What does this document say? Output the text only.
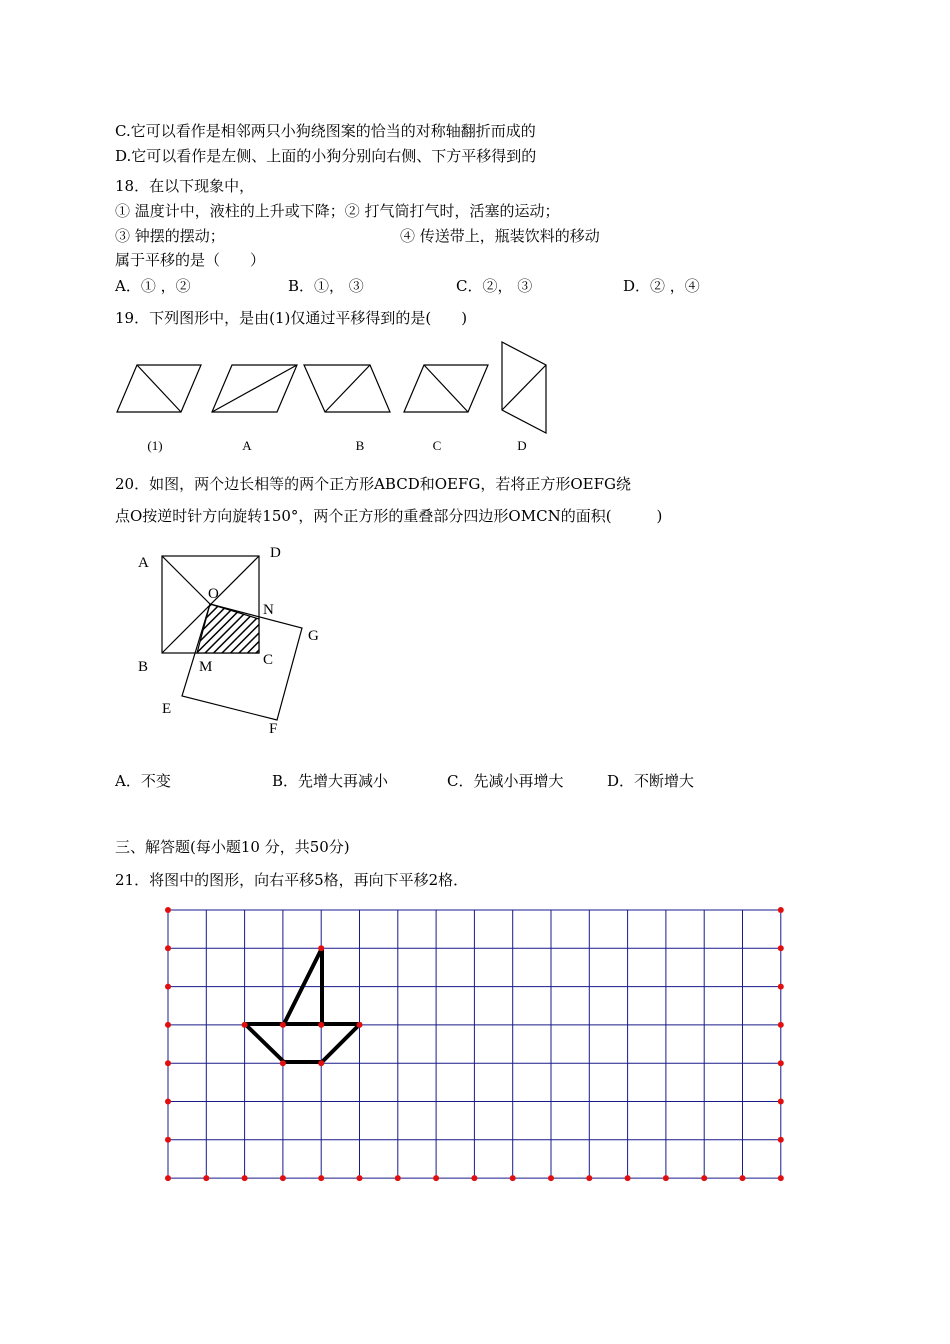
C.它可以看作是相邻两只小狗绕图案的恰当的对称轴翻折而成的
D.它可以看作是左侧、上面的小狗分别向右侧、下方平移得到的
18．在以下现象中，
① 温度计中，液柱的上升或下降；② 打气筒打气时，活塞的运动；
③ 钟摆的摆动；	④ 传送带上，瓶装饮料的移动
属于平移的是（　　）
A．① ，②	B．①， ③	C．②， ③	D．② ，④
19．下列图形中，是由(1)仅通过平移得到的是(　　)
(1)	A	B	C	D
20．如图，两个边长相等的两个正方形ABCD和OEFG，若将正方形OEFG绕
点O按逆时针方向旋转150°，两个正方形的重叠部分四边形OMCN的面积(　　　)
A
D
O
N
G
B	M	C
E
F
A．不变	B．先增大再减小	C．先减小再增大	D．不断增大
三、解答题(每小题10 分，共50分)
21．将图中的图形，向右平移5格，再向下平移2格．
